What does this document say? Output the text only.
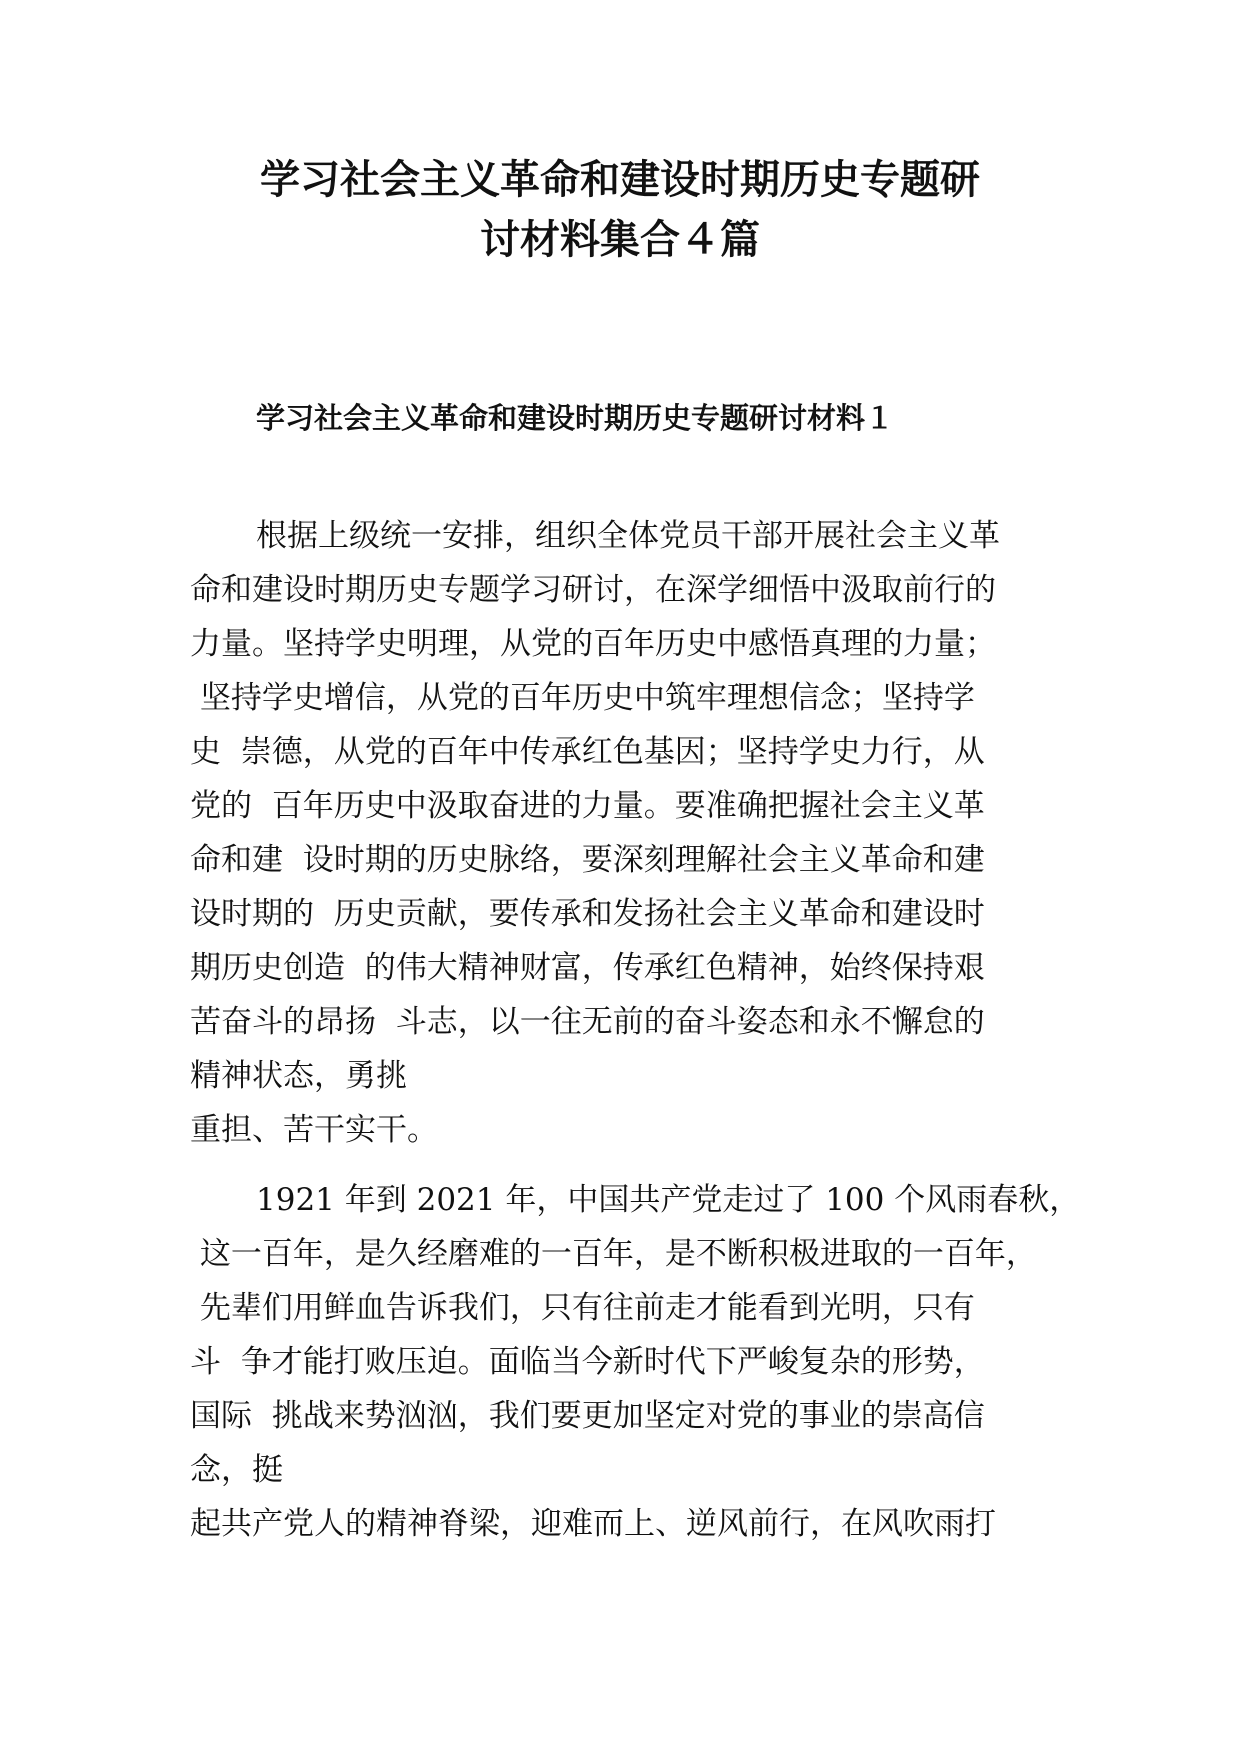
学习社会主义革命和建设时期历史专题研
讨材料集合４篇
学习社会主义革命和建设时期历史专题研讨材料１
根据上级统一安排，组织全体党员干部开展社会主义革
命和建设时期历史专题学习研讨，在深学细悟中汲取前行的
力量。坚持学史明理，从党的百年历史中感悟真理的力量；
坚持学史增信，从党的百年历史中筑牢理想信念；坚持学
史  崇德，从党的百年中传承红色基因；坚持学史力行，从
党的  百年历史中汲取奋进的力量。要准确把握社会主义革
命和建  设时期的历史脉络，要深刻理解社会主义革命和建
设时期的  历史贡献，要传承和发扬社会主义革命和建设时
期历史创造  的伟大精神财富，传承红色精神，始终保持艰
苦奋斗的昂扬  斗志，以一往无前的奋斗姿态和永不懈怠的
精神状态，勇挑
重担、苦干实干。
1921 年到 2021 年，中国共产党走过了 100 个风雨春秋，
这一百年，是久经磨难的一百年，是不断积极进取的一百年，
先辈们用鲜血告诉我们，只有往前走才能看到光明，只有
斗  争才能打败压迫。面临当今新时代下严峻复杂的形势，
国际  挑战来势汹汹，我们要更加坚定对党的事业的崇高信
念，挺
起共产党人的精神脊梁，迎难而上、逆风前行，在风吹雨打
